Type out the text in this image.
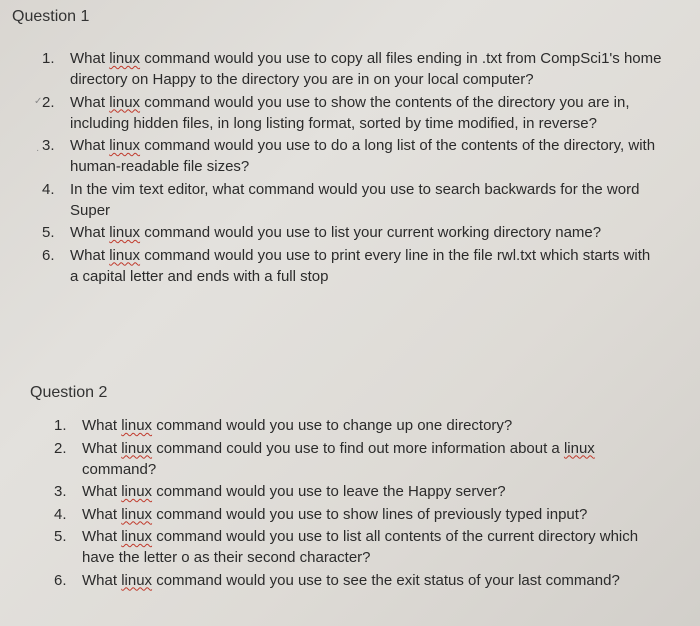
Question 1
1. What linux command would you use to copy all files ending in .txt from CompSci1's home directory on Happy to the directory you are in on your local computer?
2. What linux command would you use to show the contents of the directory you are in, including hidden files, in long listing format, sorted by time modified, in reverse?
3. What linux command would you use to do a long list of the contents of the directory, with human-readable file sizes?
4. In the vim text editor, what command would you use to search backwards for the word Super
5. What linux command would you use to list your current working directory name?
6. What linux command would you use to print every line in the file rwl.txt which starts with a capital letter and ends with a full stop
Question 2
1. What linux command would you use to change up one directory?
2. What linux command could you use to find out more information about a linux command?
3. What linux command would you use to leave the Happy server?
4. What linux command would you use to show lines of previously typed input?
5. What linux command would you use to list all contents of the current directory which have the letter o as their second character?
6. What linux command would you use to see the exit status of your last command?
✓
·
